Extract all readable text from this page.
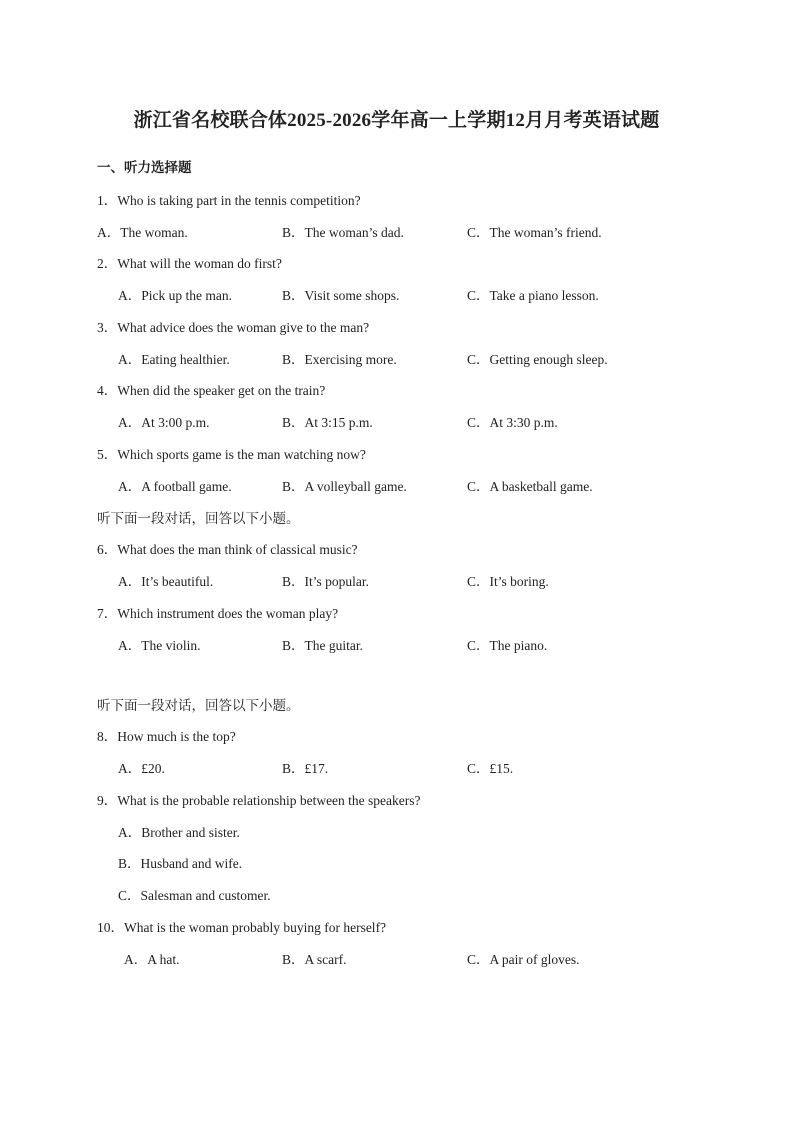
浙江省名校联合体2025-2026学年高一上学期12月月考英语试题
一、听力选择题
1．Who is taking part in the tennis competition?
A．The woman.	B．The woman’s dad.	C．The woman’s friend.
2．What will the woman do first?
A．Pick up the man.	B．Visit some shops.	C．Take a piano lesson.
3．What advice does the woman give to the man?
A．Eating healthier.	B．Exercising more.	C．Getting enough sleep.
4．When did the speaker get on the train?
A．At 3:00 p.m.	B．At 3:15 p.m.	C．At 3:30 p.m.
5．Which sports game is the man watching now?
A．A football game.	B．A volleyball game.	C．A basketball game.
听下面一段对话，回答以下小题。
6．What does the man think of classical music?
A．It’s beautiful.	B．It’s popular.	C．It’s boring.
7．Which instrument does the woman play?
A．The violin.	B．The guitar.	C．The piano.
听下面一段对话，回答以下小题。
8．How much is the top?
A．£20.	B．£17.	C．£15.
9．What is the probable relationship between the speakers?
A．Brother and sister.
B．Husband and wife.
C．Salesman and customer.
10．What is the woman probably buying for herself?
A．A hat.	B．A scarf.	C．A pair of gloves.
